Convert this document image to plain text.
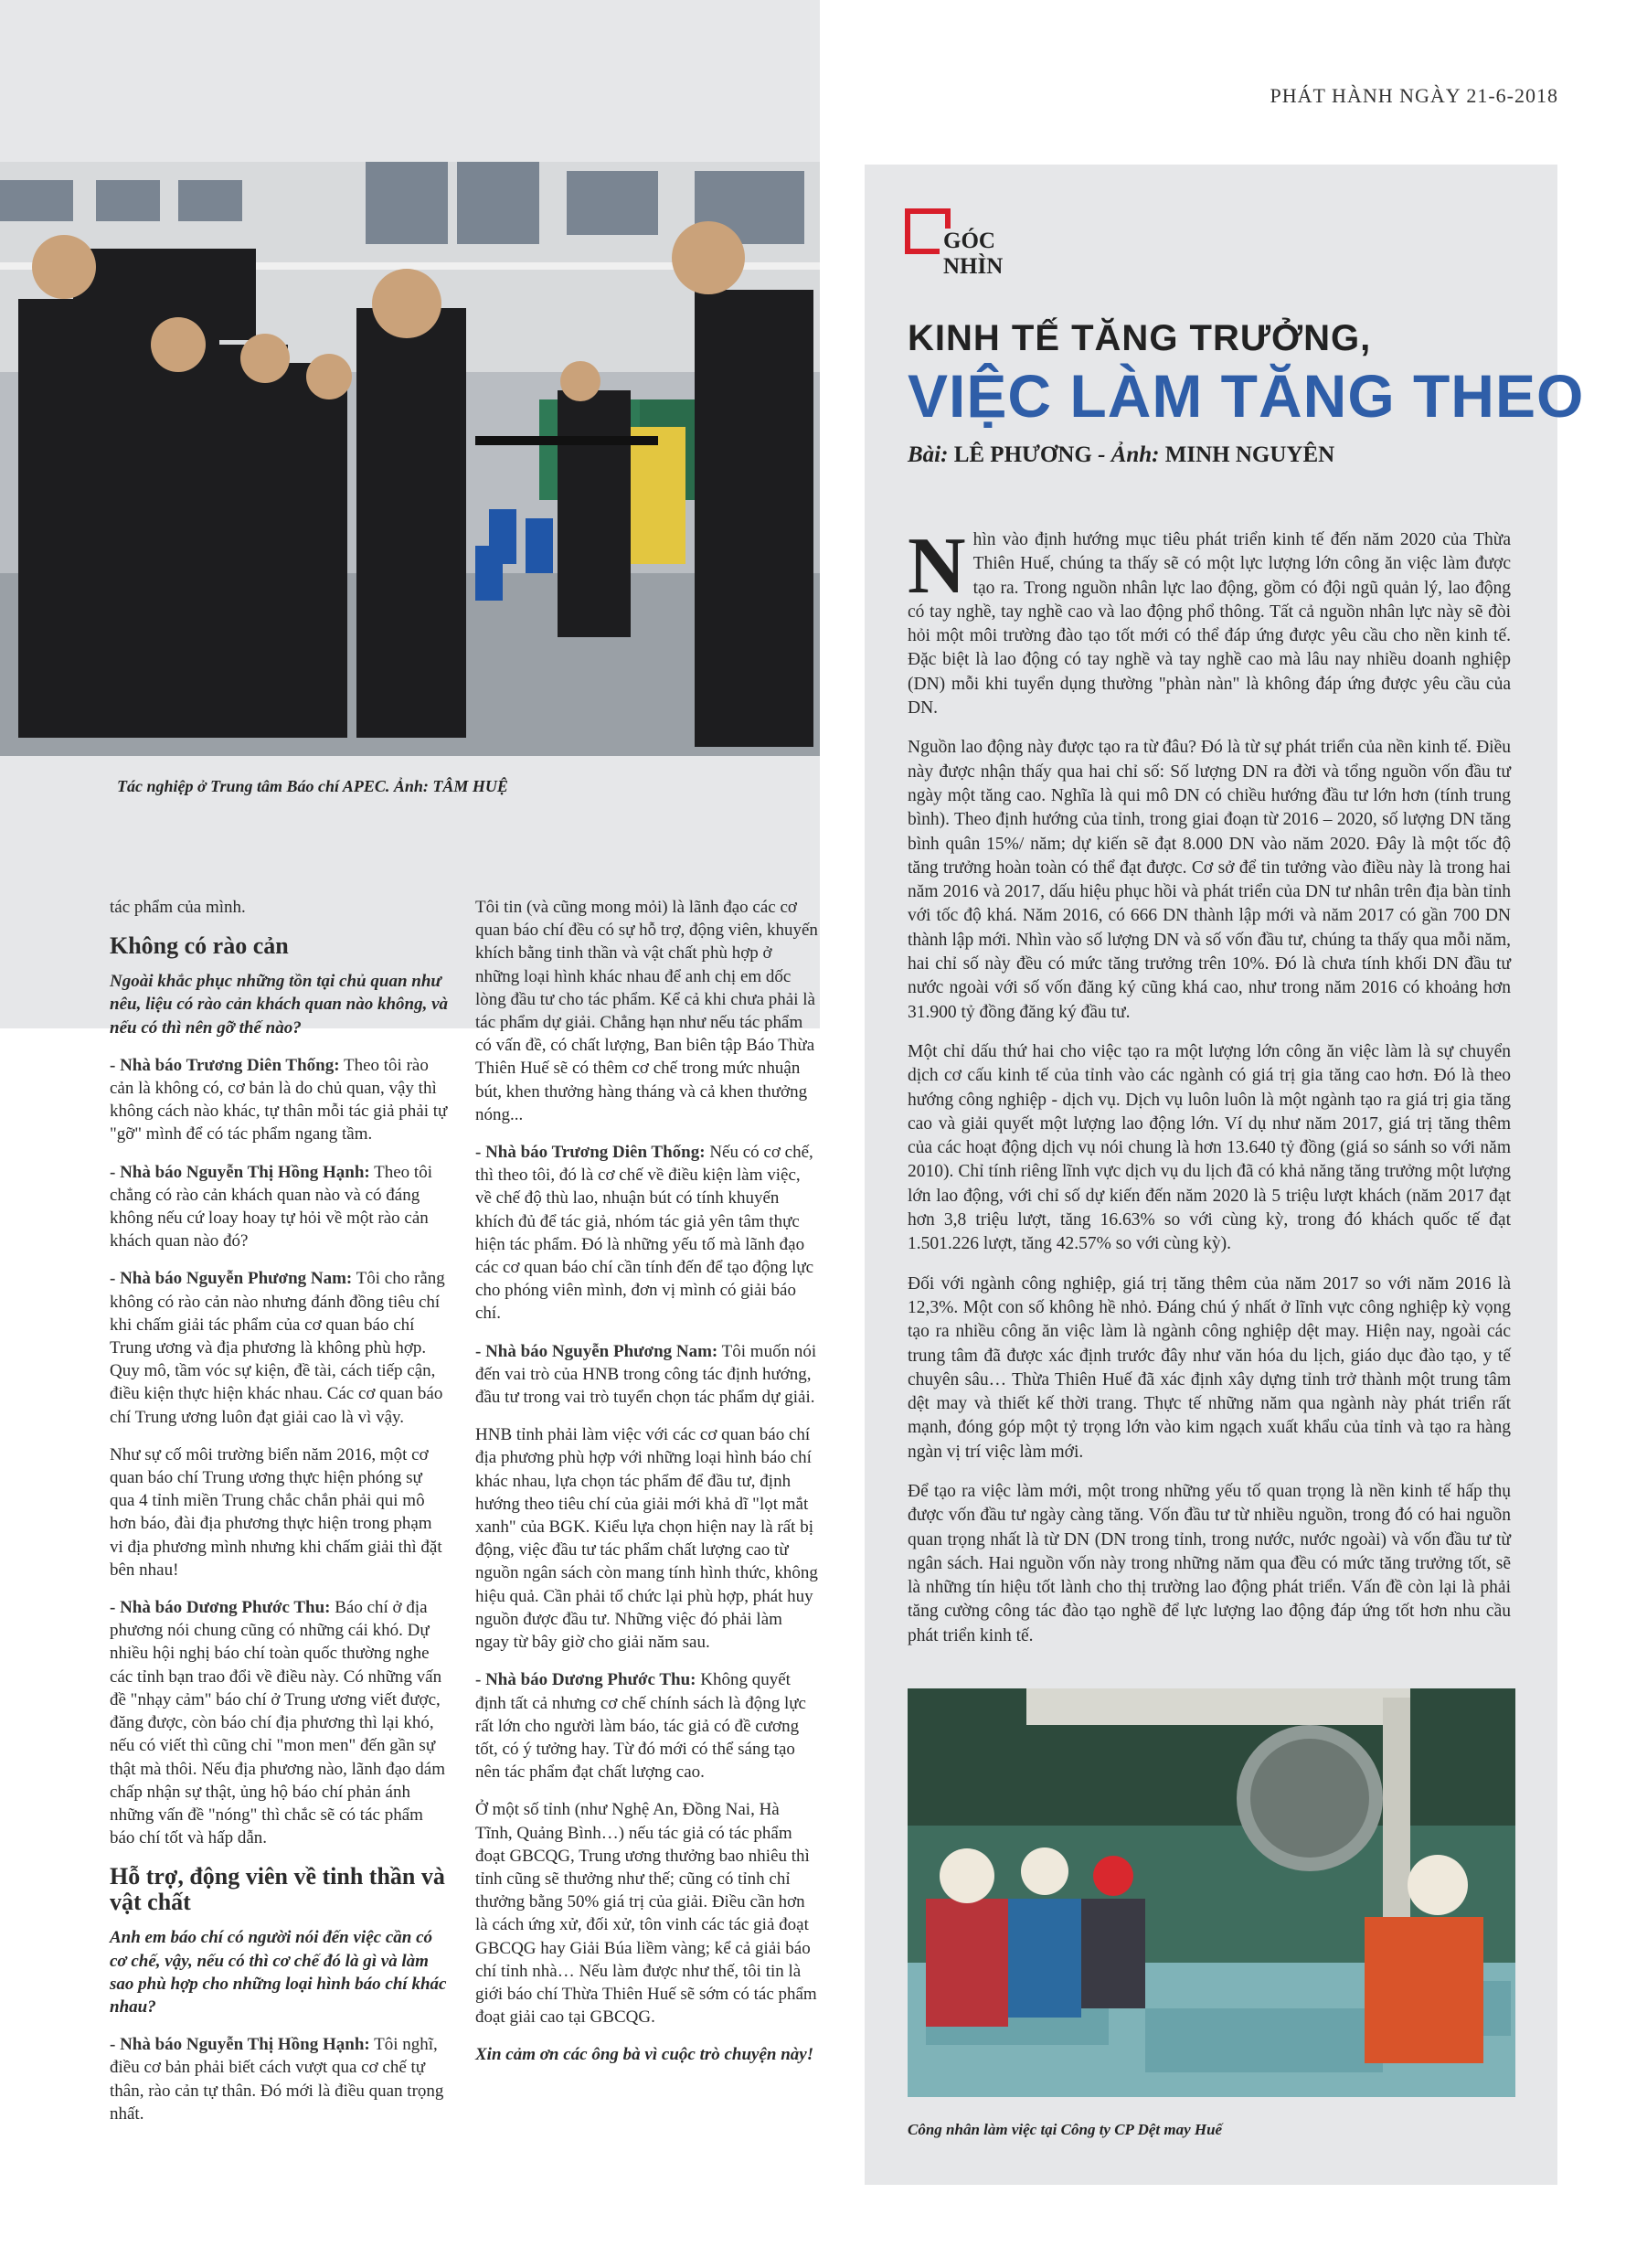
Tác nghiệp ở Trung tâm Báo chí APEC. Ảnh: TÂM HUỆ
PHÁT HÀNH NGÀY 21-6-2018
GÓC NHÌN
KINH TẾ TĂNG TRƯỞNG,
VIỆC LÀM TĂNG THEO
Bài: LÊ PHƯƠNG - Ảnh: MINH NGUYÊN

Nhìn vào định hướng mục tiêu phát triển kinh tế đến năm 2020 của Thừa Thiên Huế, chúng ta thấy sẽ có một lực lượng lớn công ăn việc làm được tạo ra. Trong nguồn nhân lực lao động, gồm có đội ngũ quản lý, lao động có tay nghề, tay nghề cao và lao động phổ thông. Tất cả nguồn nhân lực này sẽ đòi hỏi một môi trường đào tạo tốt mới có thể đáp ứng được yêu cầu cho nền kinh tế. Đặc biệt là lao động có tay nghề và tay nghề cao mà lâu nay nhiều doanh nghiệp (DN) mỗi khi tuyển dụng thường "phàn nàn" là không đáp ứng được yêu cầu của DN.

Nguồn lao động này được tạo ra từ đâu? Đó là từ sự phát triển của nền kinh tế. Điều này được nhận thấy qua hai chỉ số: Số lượng DN ra đời và tổng nguồn vốn đầu tư ngày một tăng cao. Nghĩa là qui mô DN có chiều hướng đầu tư lớn hơn (tính trung bình). Theo định hướng của tỉnh, trong giai đoạn từ 2016 – 2020, số lượng DN tăng bình quân 15%/ năm; dự kiến sẽ đạt 8.000 DN vào năm 2020. Đây là một tốc độ tăng trưởng hoàn toàn có thể đạt được. Cơ sở để tin tưởng vào điều này là trong hai năm 2016 và 2017, dấu hiệu phục hồi và phát triển của DN tư nhân trên địa bàn tỉnh với tốc độ khá. Năm 2016, có 666 DN thành lập mới và năm 2017 có gần 700 DN thành lập mới. Nhìn vào số lượng DN và số vốn đầu tư, chúng ta thấy qua mỗi năm, hai chỉ số này đều có mức tăng trưởng trên 10%. Đó là chưa tính khối DN đầu tư nước ngoài với số vốn đăng ký cũng khá cao, như trong năm 2016 có khoảng hơn 31.900 tỷ đồng đăng ký đầu tư.

Một chỉ dấu thứ hai cho việc tạo ra một lượng lớn công ăn việc làm là sự chuyển dịch cơ cấu kinh tế của tỉnh vào các ngành có giá trị gia tăng cao hơn. Đó là theo hướng công nghiệp - dịch vụ. Dịch vụ luôn luôn là một ngành tạo ra giá trị gia tăng cao và giải quyết một lượng lao động lớn. Ví dụ như năm 2017, giá trị tăng thêm của các hoạt động dịch vụ nói chung là hơn 13.640 tỷ đồng (giá so sánh so với năm 2010). Chỉ tính riêng lĩnh vực dịch vụ du lịch đã có khả năng tăng trưởng một lượng lớn lao động, với chỉ số dự kiến đến năm 2020 là 5 triệu lượt khách (năm 2017 đạt hơn 3,8 triệu lượt, tăng 16.63% so với cùng kỳ, trong đó khách quốc tế đạt 1.501.226 lượt, tăng 42.57% so với cùng kỳ).

Đối với ngành công nghiệp, giá trị tăng thêm của năm 2017 so với năm 2016 là 12,3%. Một con số không hề nhỏ. Đáng chú ý nhất ở lĩnh vực công nghiệp kỳ vọng tạo ra nhiều công ăn việc làm là ngành công nghiệp dệt may. Hiện nay, ngoài các trung tâm đã được xác định trước đây như văn hóa du lịch, giáo dục đào tạo, y tế chuyên sâu… Thừa Thiên Huế đã xác định xây dựng tỉnh trở thành một trung tâm dệt may và thiết kế thời trang. Thực tế những năm qua ngành này phát triển rất mạnh, đóng góp một tỷ trọng lớn vào kim ngạch xuất khẩu của tỉnh và tạo ra hàng ngàn vị trí việc làm mới.

Để tạo ra việc làm mới, một trong những yếu tố quan trọng là nền kinh tế hấp thụ được vốn đầu tư ngày càng tăng. Vốn đầu tư từ nhiều nguồn, trong đó có hai nguồn quan trọng nhất là từ DN (DN trong tỉnh, trong nước, nước ngoài) và vốn đầu tư từ ngân sách. Hai nguồn vốn này trong những năm qua đều có mức tăng trưởng tốt, sẽ là những tín hiệu tốt lành cho thị trường lao động phát triển. Vấn đề còn lại là phải tăng cường công tác đào tạo nghề để lực lượng lao động đáp ứng tốt hơn nhu cầu phát triển kinh tế.

Công nhân làm việc tại Công ty CP Dệt may Huế

tác phẩm của mình.

Không có rào cản

Ngoài khắc phục những tồn tại chủ quan như nêu, liệu có rào cản khách quan nào không, và nếu có thì nên gỡ thế nào?

- Nhà báo Trương Diên Thống: Theo tôi rào cản là không có, cơ bản là do chủ quan, vậy thì không cách nào khác, tự thân mỗi tác giả phải tự "gỡ" mình để có tác phẩm ngang tầm.

- Nhà báo Nguyễn Thị Hồng Hạnh: Theo tôi chẳng có rào cản khách quan nào và có đáng không nếu cứ loay hoay tự hỏi về một rào cản khách quan nào đó?

- Nhà báo Nguyễn Phương Nam: Tôi cho rằng không có rào cản nào nhưng đánh đồng tiêu chí khi chấm giải tác phẩm của cơ quan báo chí Trung ương và địa phương là không phù hợp. Quy mô, tầm vóc sự kiện, đề tài, cách tiếp cận, điều kiện thực hiện khác nhau. Các cơ quan báo chí Trung ương luôn đạt giải cao là vì vậy.

Như sự cố môi trường biển năm 2016, một cơ quan báo chí Trung ương thực hiện phóng sự qua 4 tỉnh miền Trung chắc chắn phải qui mô hơn báo, đài địa phương thực hiện trong phạm vi địa phương mình nhưng khi chấm giải thì đặt bên nhau!

- Nhà báo Dương Phước Thu: Báo chí ở địa phương nói chung cũng có những cái khó. Dự nhiều hội nghị báo chí toàn quốc thường nghe các tỉnh bạn trao đổi về điều này. Có những vấn đề "nhạy cảm" báo chí ở Trung ương viết được, đăng được, còn báo chí địa phương thì lại khó, nếu có viết thì cũng chỉ "mon men" đến gần sự thật mà thôi. Nếu địa phương nào, lãnh đạo dám chấp nhận sự thật, ủng hộ báo chí phản ánh những vấn đề "nóng" thì chắc sẽ có tác phẩm báo chí tốt và hấp dẫn.

Hỗ trợ, động viên về tinh thần và vật chất

Anh em báo chí có người nói đến việc cần có cơ chế, vậy, nếu có thì cơ chế đó là gì và làm sao phù hợp cho những loại hình báo chí khác nhau?

- Nhà báo Nguyễn Thị Hồng Hạnh: Tôi nghĩ, điều cơ bản phải biết cách vượt qua cơ chế tự thân, rào cản tự thân. Đó mới là điều quan trọng nhất.

Tôi tin (và cũng mong mỏi) là lãnh đạo các cơ quan báo chí đều có sự hỗ trợ, động viên, khuyến khích bằng tinh thần và vật chất phù hợp ở những loại hình khác nhau để anh chị em dốc lòng đầu tư cho tác phẩm. Kể cả khi chưa phải là tác phẩm dự giải. Chẳng hạn như nếu tác phẩm có vấn đề, có chất lượng, Ban biên tập Báo Thừa Thiên Huế sẽ có thêm cơ chế trong mức nhuận bút, khen thưởng hàng tháng và cả khen thưởng nóng...

- Nhà báo Trương Diên Thống: Nếu có cơ chế, thì theo tôi, đó là cơ chế về điều kiện làm việc, về chế độ thù lao, nhuận bút có tính khuyến khích đủ để tác giả, nhóm tác giả yên tâm thực hiện tác phẩm. Đó là những yếu tố mà lãnh đạo các cơ quan báo chí cần tính đến để tạo động lực cho phóng viên mình, đơn vị mình có giải báo chí.

- Nhà báo Nguyễn Phương Nam: Tôi muốn nói đến vai trò của HNB trong công tác định hướng, đầu tư trong vai trò tuyển chọn tác phẩm dự giải.

HNB tỉnh phải làm việc với các cơ quan báo chí địa phương phù hợp với những loại hình báo chí khác nhau, lựa chọn tác phẩm để đầu tư, định hướng theo tiêu chí của giải mới khả dĩ "lọt mắt xanh" của BGK. Kiểu lựa chọn hiện nay là rất bị động, việc đầu tư tác phẩm chất lượng cao từ nguồn ngân sách còn mang tính hình thức, không hiệu quả. Cần phải tổ chức lại phù hợp, phát huy nguồn được đầu tư. Những việc đó phải làm ngay từ bây giờ cho giải năm sau.

- Nhà báo Dương Phước Thu: Không quyết định tất cả nhưng cơ chế chính sách là động lực rất lớn cho người làm báo, tác giả có đề cương tốt, có ý tưởng hay. Từ đó mới có thể sáng tạo nên tác phẩm đạt chất lượng cao.

Ở một số tỉnh (như Nghệ An, Đồng Nai, Hà Tĩnh, Quảng Bình…) nếu tác giả có tác phẩm đoạt GBCQG, Trung ương thưởng bao nhiêu thì tỉnh cũng sẽ thưởng như thế; cũng có tỉnh chỉ thưởng bằng 50% giá trị của giải. Điều cần hơn là cách ứng xử, đối xử, tôn vinh các tác giả đoạt GBCQG hay Giải Búa liềm vàng; kể cả giải báo chí tỉnh nhà… Nếu làm được như thế, tôi tin là giới báo chí Thừa Thiên Huế sẽ sớm có tác phẩm đoạt giải cao tại GBCQG.

Xin cảm ơn các ông bà vì cuộc trò chuyện này!
